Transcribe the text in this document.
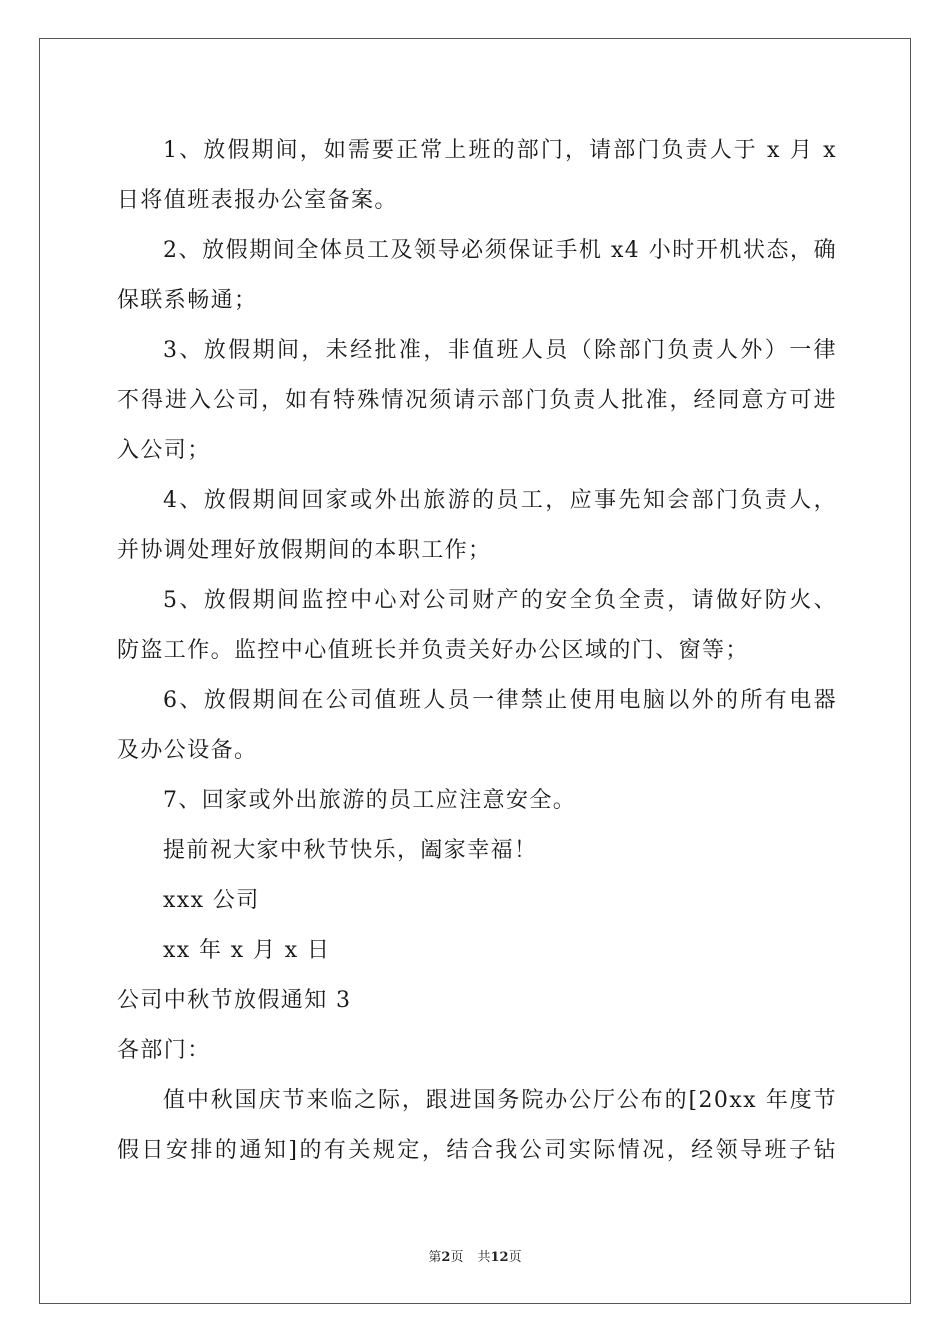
1、放假期间，如需要正常上班的部门，请部门负责人于 x 月 x
日将值班表报办公室备案。
2、放假期间全体员工及领导必须保证手机 x4 小时开机状态，确
保联系畅通；
3、放假期间，未经批准，非值班人员（除部门负责人外）一律
不得进入公司，如有特殊情况须请示部门负责人批准，经同意方可进
入公司；
4、放假期间回家或外出旅游的员工，应事先知会部门负责人，
并协调处理好放假期间的本职工作；
5、放假期间监控中心对公司财产的安全负全责，请做好防火、
防盗工作。监控中心值班长并负责关好办公区域的门、窗等；
6、放假期间在公司值班人员一律禁止使用电脑以外的所有电器
及办公设备。
7、回家或外出旅游的员工应注意安全。
提前祝大家中秋节快乐，阖家幸福！
xxx 公司
xx 年 x 月 x 日
公司中秋节放假通知 3
各部门：
值中秋国庆节来临之际，跟进国务院办公厅公布的[20xx 年度节
假日安排的通知]的有关规定，结合我公司实际情况，经领导班子钻
第2页 共12页
